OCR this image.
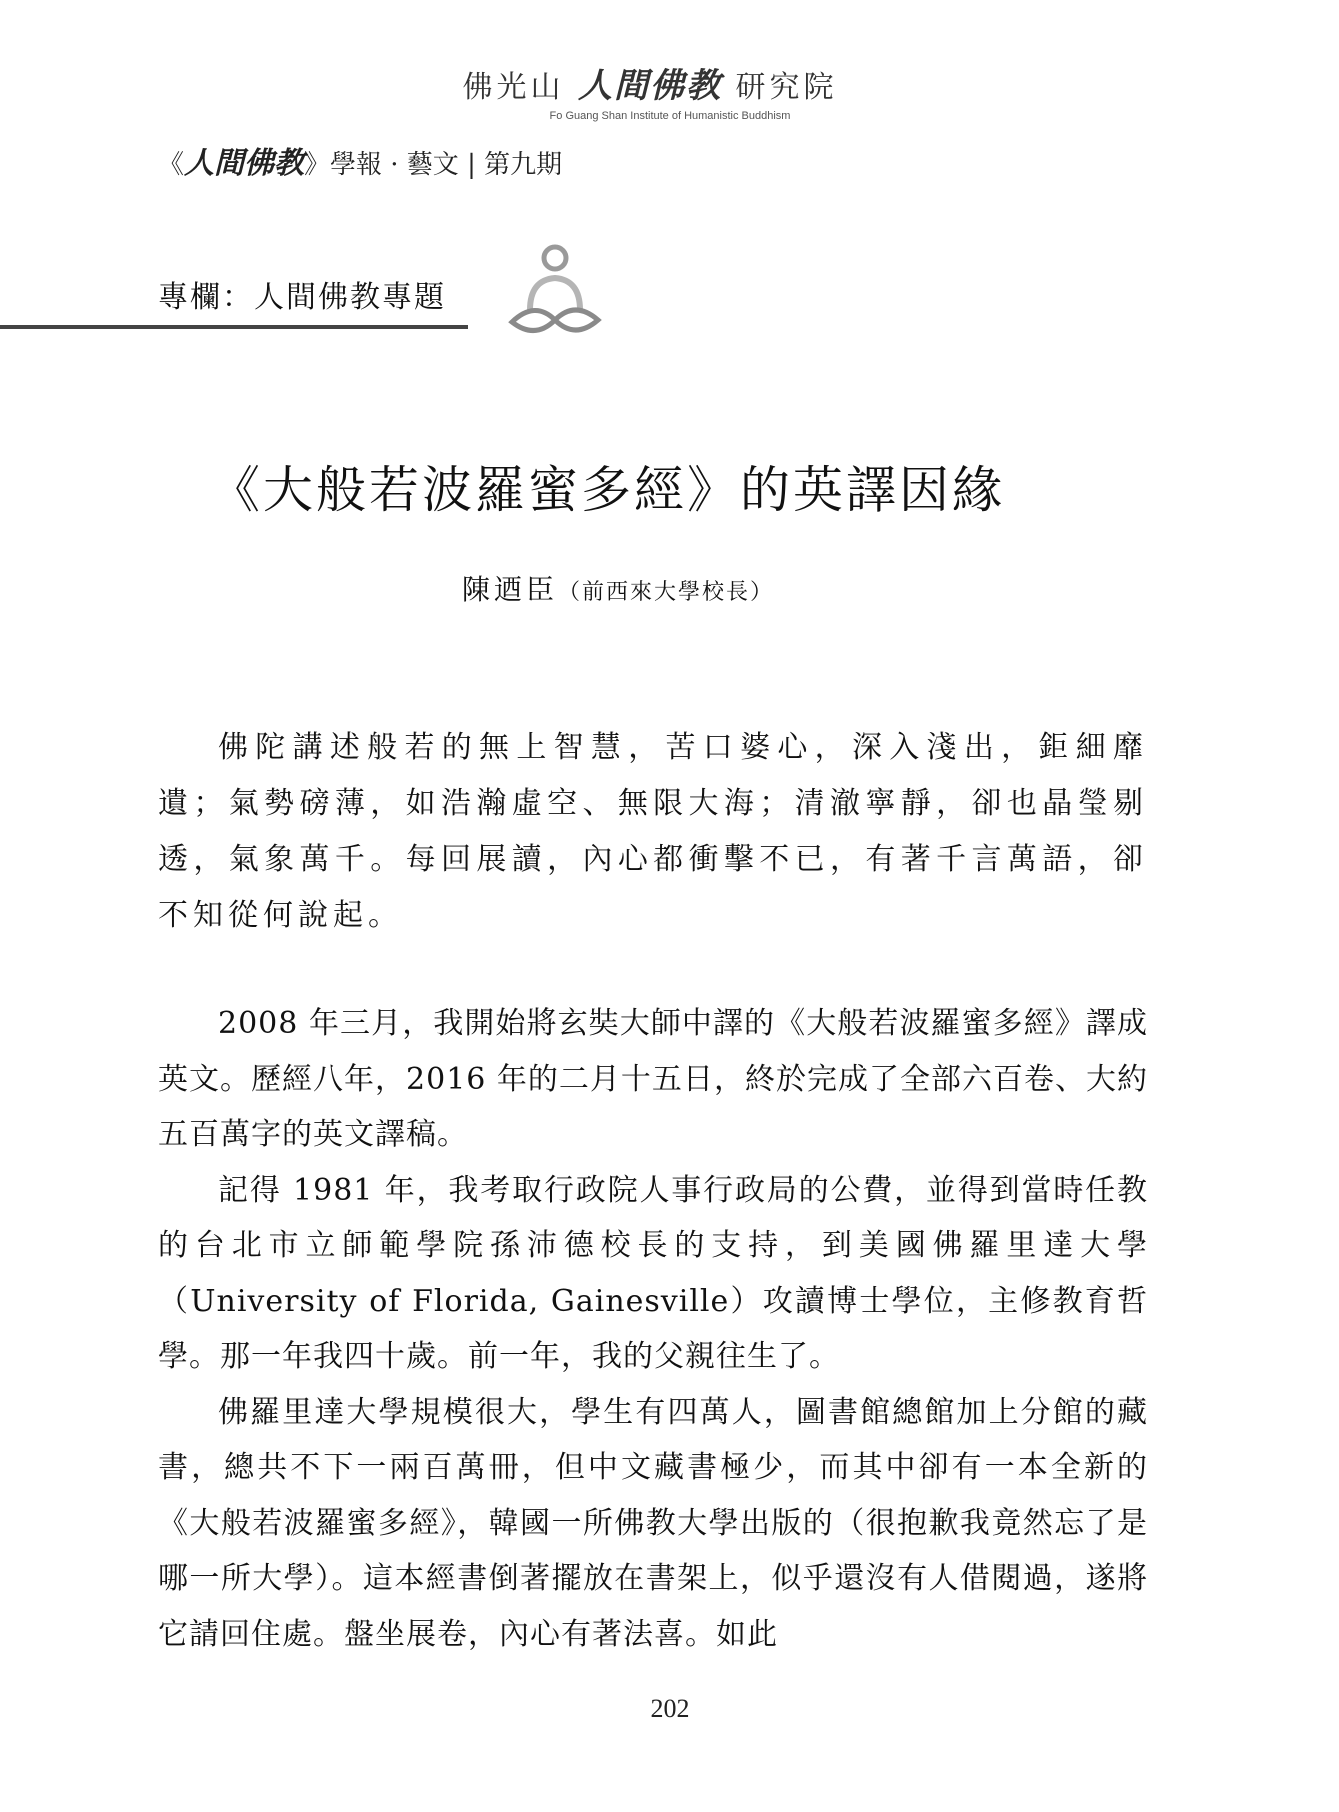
佛光山 人間佛教 研究院
Fo Guang Shan Institute of Humanistic Buddhism
《人間佛教》學報 · 藝文 | 第九期
專欄：人間佛教專題
《大般若波羅蜜多經》的英譯因緣
陳迺臣（前西來大學校長）

佛陀講述般若的無上智慧，苦口婆心，深入淺出，鉅細靡遺；氣勢磅薄，如浩瀚虛空、無限大海；清澈寧靜，卻也晶瑩剔透，氣象萬千。每回展讀，內心都衝擊不已，有著千言萬語，卻不知從何說起。

2008 年三月，我開始將玄奘大師中譯的《大般若波羅蜜多經》譯成英文。歷經八年，2016 年的二月十五日，終於完成了全部六百卷、大約五百萬字的英文譯稿。

記得 1981 年，我考取行政院人事行政局的公費，並得到當時任教的台北市立師範學院孫沛德校長的支持，到美國佛羅里達大學（University of Florida, Gainesville）攻讀博士學位，主修教育哲學。那一年我四十歲。前一年，我的父親往生了。

佛羅里達大學規模很大，學生有四萬人，圖書館總館加上分館的藏書，總共不下一兩百萬冊，但中文藏書極少，而其中卻有一本全新的《大般若波羅蜜多經》，韓國一所佛教大學出版的（很抱歉我竟然忘了是哪一所大學）。這本經書倒著擺放在書架上，似乎還沒有人借閱過，遂將它請回住處。盤坐展卷，內心有著法喜。如此

202
